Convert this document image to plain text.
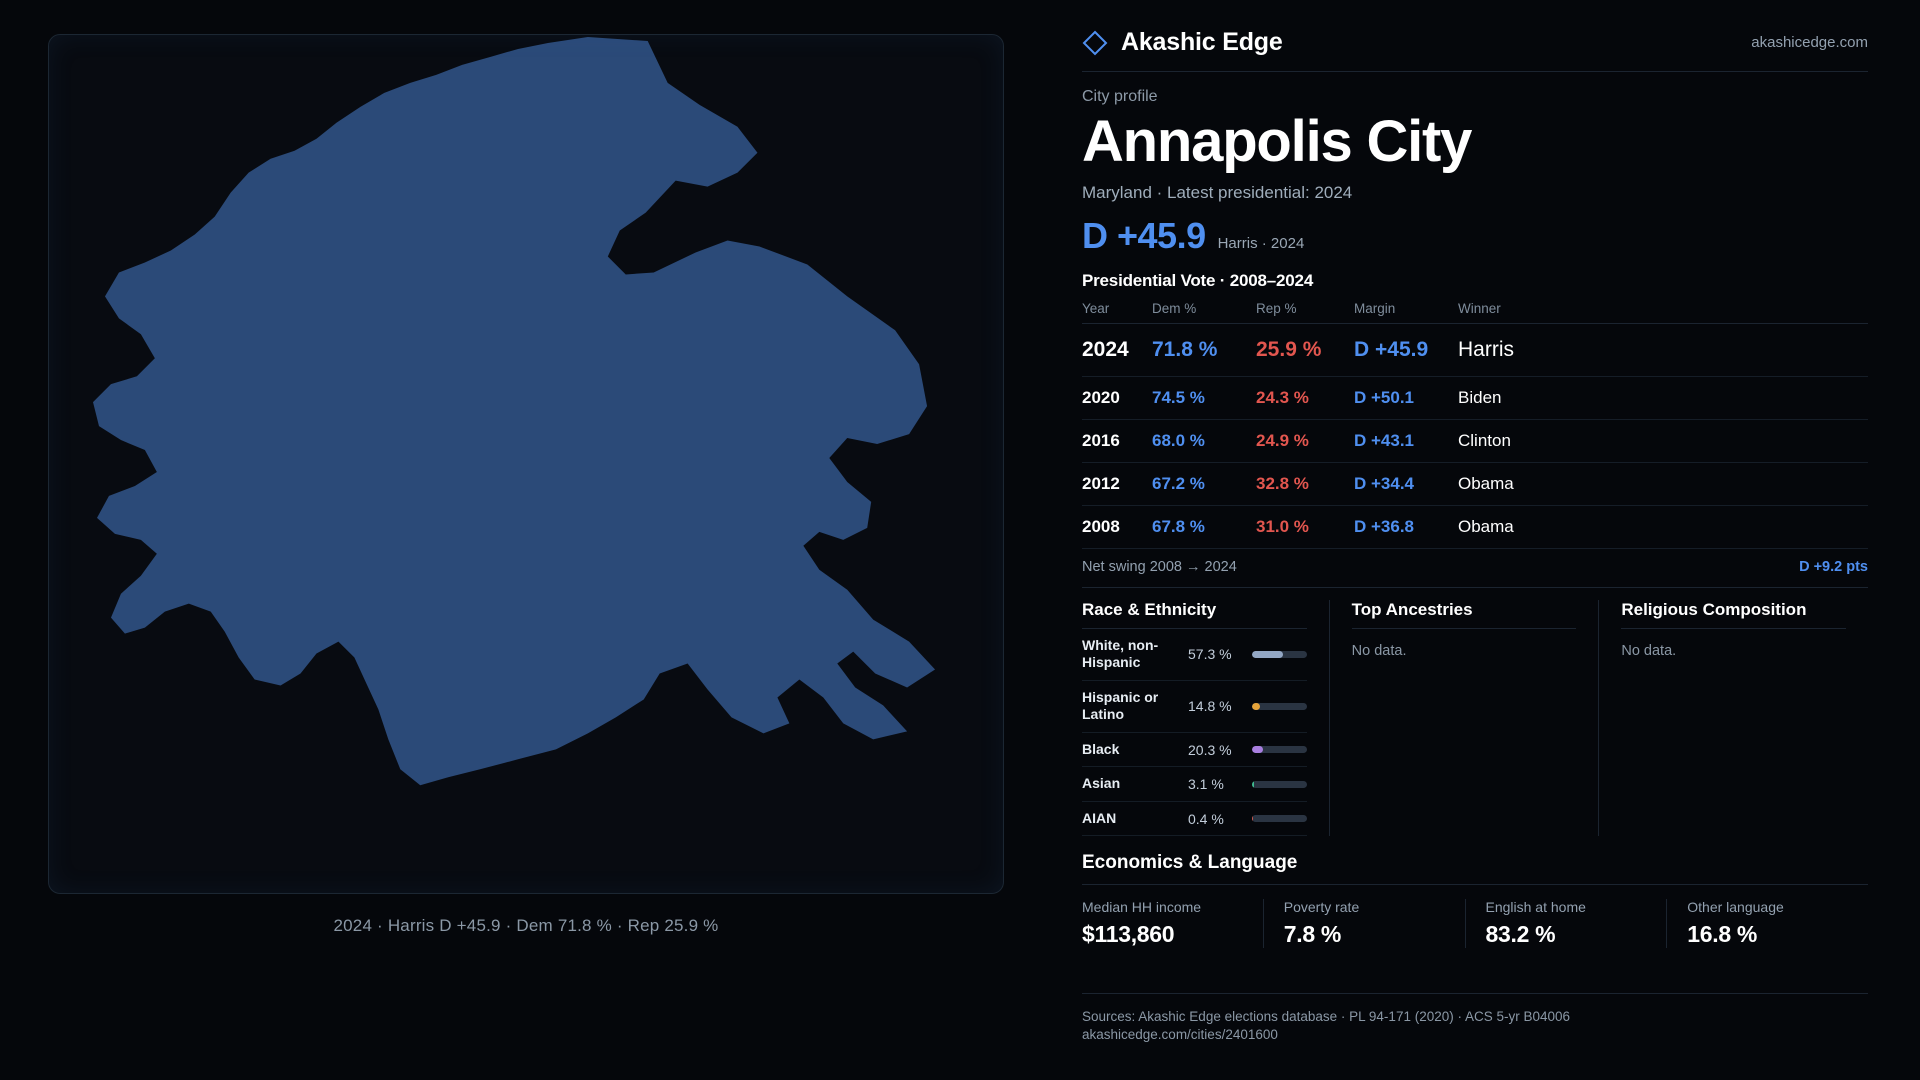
2024 · Harris D +45.9 · Dem 71.8 % · Rep 25.9 %
Akashic Edge	akashicedge.com
City profile
Annapolis City
Maryland · Latest presidential: 2024
D +45.9 Harris · 2024
Presidential Vote · 2008–2024
Year	Dem %	Rep %	Margin	Winner
2024	71.8 %	25.9 %	D +45.9	Harris
2020	74.5 %	24.3 %	D +50.1	Biden
2016	68.0 %	24.9 %	D +43.1	Clinton
2012	67.2 %	32.8 %	D +34.4	Obama
2008	67.8 %	31.0 %	D +36.8	Obama
Net swing 2008 → 2024	D +9.2 pts
Race & Ethnicity
White, non-Hispanic	57.3 %
Hispanic or Latino	14.8 %
Black	20.3 %
Asian	3.1 %
AIAN	0.4 %
Top Ancestries
No data.
Religious Composition
No data.
Economics & Language
Median HH income
$113,860
Poverty rate
7.8 %
English at home
83.2 %
Other language
16.8 %
Sources: Akashic Edge elections database · PL 94-171 (2020) · ACS 5-yr B04006
akashicedge.com/cities/2401600
